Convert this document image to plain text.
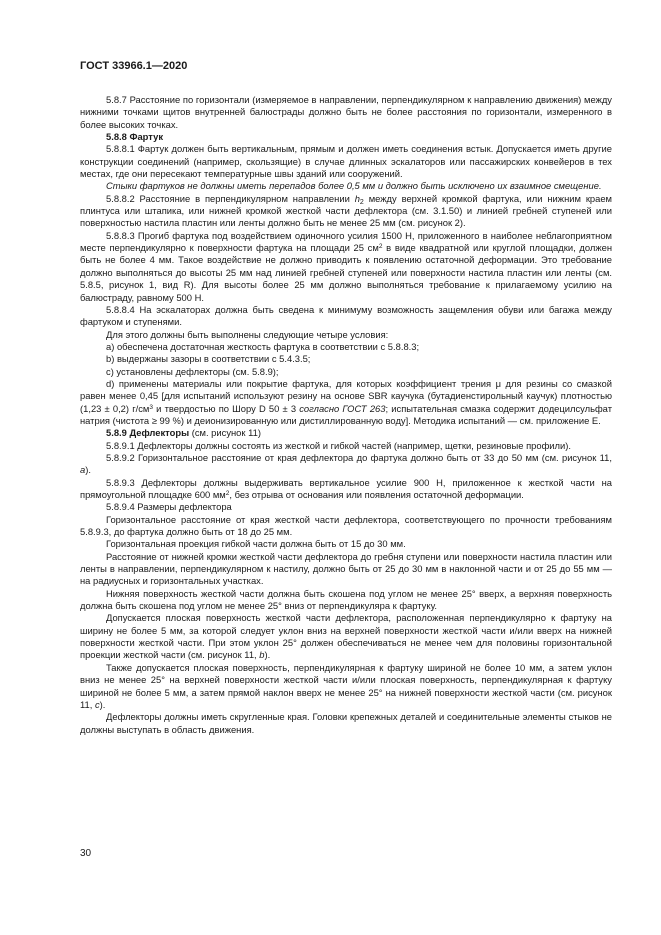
ГОСТ 33966.1—2020

5.8.7 Расстояние по горизонтали (измеряемое в направлении, перпендикулярном к направлению движения) между нижними точками щитов внутренней балюстрады должно быть не более расстояния по горизонтали, измеренного в более высоких точках.

5.8.8 Фартук

5.8.8.1 Фартук должен быть вертикальным, прямым и должен иметь соединения встык. Допускается иметь другие конструкции соединений (например, скользящие) в случае длинных эскалаторов или пассажирских конвейеров в тех местах, где они пересекают температурные швы зданий или сооружений.

Стыки фартуков не должны иметь перепадов более 0,5 мм и должно быть исключено их взаимное смещение.

5.8.8.2 Расстояние в перпендикулярном направлении $h_2$ между верхней кромкой фартука, или нижним краем плинтуса или штапика, или нижней кромкой жесткой части дефлектора (см. 3.1.50) и линией гребней ступеней или поверхностью настила пластин или ленты должно быть не менее 25 мм (см. рисунок 2).

5.8.8.3 Прогиб фартука под воздействием одиночного усилия 1500 Н, приложенного в наиболее неблагоприятном месте перпендикулярно к поверхности фартука на площади 25 $см^2$ в виде квадратной или круглой площадки, должен быть не более 4 мм. Такое воздействие не должно приводить к появлению остаточной деформации. Это требование должно выполняться до высоты 25 мм над линией гребней ступеней или поверхности настила пластин или ленты (см. 5.8.5, рисунок 1, вид R). Для высоты более 25 мм должно выполняться требование к прилагаемому усилию на балюстраду, равному 500 Н.

5.8.8.4 На эскалаторах должна быть сведена к минимуму возможность защемления обуви или багажа между фартуком и ступенями.

Для этого должны быть выполнены следующие четыре условия:

а) обеспечена достаточная жесткость фартука в соответствии с 5.8.8.3;

b) выдержаны зазоры в соответствии с 5.4.3.5;

с) установлены дефлекторы (см. 5.8.9);

d) применены материалы или покрытие фартука, для которых коэффициент трения μ для резины со смазкой равен менее 0,45 [для испытаний используют резину на основе SBR каучука (бутадиенстирольный каучук) плотностью (1,23 ± 0,2) $г/см^3$ и твердостью по Шору D 50 ± 3 согласно ГОСТ 263; испытательная смазка содержит додецилсульфат натрия (чистота ≥ 99 %) и деионизированную или дистиллированную воду]. Методика испытаний — см. приложение Е.

5.8.9 Дефлекторы (см. рисунок 11)

5.8.9.1 Дефлекторы должны состоять из жесткой и гибкой частей (например, щетки, резиновые профили).

5.8.9.2 Горизонтальное расстояние от края дефлектора до фартука должно быть от 33 до 50 мм (см. рисунок 11, а).

5.8.9.3 Дефлекторы должны выдерживать вертикальное усилие 900 Н, приложенное к жесткой части на прямоугольной площадке 600 $мм^2$, без отрыва от основания или появления остаточной деформации.

5.8.9.4 Размеры дефлектора

Горизонтальное расстояние от края жесткой части дефлектора, соответствующего по прочности требованиям 5.8.9.3, до фартука должно быть от 18 до 25 мм.

Горизонтальная проекция гибкой части должна быть от 15 до 30 мм.

Расстояние от нижней кромки жесткой части дефлектора до гребня ступени или поверхности настила пластин или ленты в направлении, перпендикулярном к настилу, должно быть от 25 до 30 мм в наклонной части и от 25 до 55 мм — на радиусных и горизонтальных участках.

Нижняя поверхность жесткой части должна быть скошена под углом не менее 25° вверх, а верхняя поверхность должна быть скошена под углом не менее 25° вниз от перпендикуляра к фартуку.

Допускается плоская поверхность жесткой части дефлектора, расположенная перпендикулярно к фартуку на ширину не более 5 мм, за которой следует уклон вниз на верхней поверхности жесткой части и/или вверх на нижней поверхности жесткой части. При этом уклон 25° должен обеспечиваться не менее чем для половины горизонтальной проекции жесткой части (см. рисунок 11, b).

Также допускается плоская поверхность, перпендикулярная к фартуку шириной не более 10 мм, а затем уклон вниз не менее 25° на верхней поверхности жесткой части и/или плоская поверхность, перпендикулярная к фартуку шириной не более 5 мм, а затем прямой наклон вверх не менее 25° на нижней поверхности жесткой части (см. рисунок 11, с).

Дефлекторы должны иметь скругленные края. Головки крепежных деталей и соединительные элементы стыков не должны выступать в область движения.

30
